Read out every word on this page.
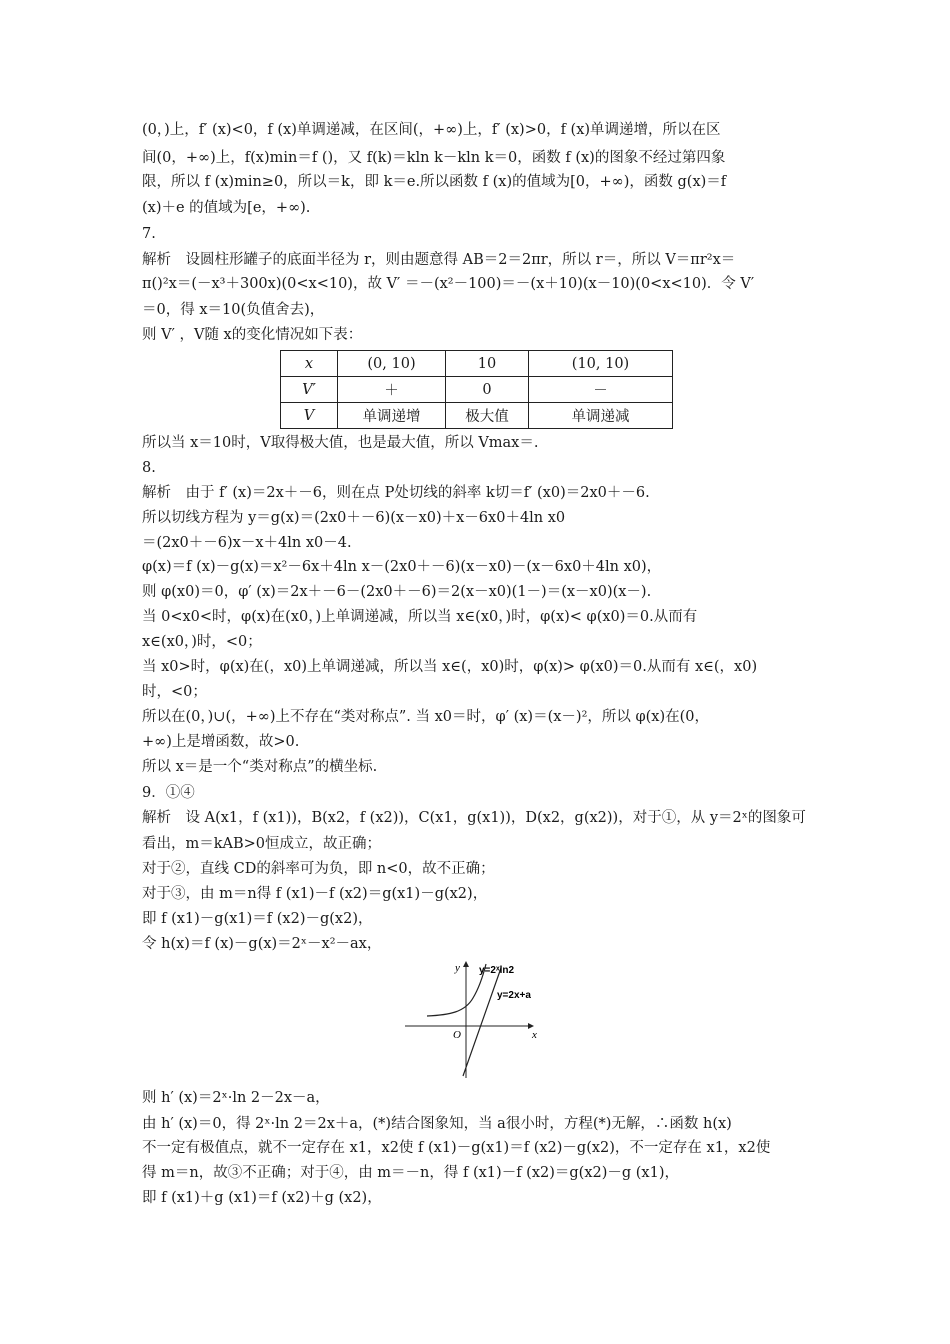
(0，)上，f′ (x)<0，f (x)单调递减，在区间(，+∞)上，f′ (x)>0，f (x)单调递增，所以在区
间(0，+∞)上，f(x)min＝f ()，又 f(k)＝kln k－kln k＝0，函数 f (x)的图象不经过第四象
限，所以 f (x)min≥0，所以＝k，即 k＝e.所以函数 f (x)的值域为[0，+∞)，函数 g(x)＝f
(x)＋e 的值域为[e，+∞).
7.
解析　设圆柱形罐子的底面半径为 r，则由题意得 AB＝2＝2πr，所以 r＝，所以 V＝πr²x＝
π()²x＝(－x³＋300x)(0<x<10)，故 V′ ＝－(x²－100)＝－(x＋10)(x－10)(0<x<10)．令 V′
＝0，得 x＝10(负值舍去)，
则 V′ ，V随 x的变化情况如下表：
x	(0, 10)	10	(10, 10)
V′	＋	0	－
V	单调递增	极大值	单调递减
所以当 x＝10时，V取得极大值，也是最大值，所以 Vmax＝.
8.
解析　由于 f′ (x)＝2x＋－6，则在点 P处切线的斜率 k切＝f′ (x0)＝2x0＋－6.
所以切线方程为 y＝g(x)＝(2x0＋－6)(x－x0)＋x－6x0＋4ln x0
＝(2x0＋－6)x－x＋4ln x0－4.
φ(x)＝f (x)－g(x)＝x²－6x＋4ln x－(2x0＋－6)(x－x0)－(x－6x0＋4ln x0)，
则 φ(x0)＝0，φ′ (x)＝2x＋－6－(2x0＋－6)＝2(x－x0)(1－)＝(x－x0)(x－).
当 0<x0<时，φ(x)在(x0，)上单调递减，所以当 x∈(x0，)时，φ(x)< φ(x0)＝0.从而有
x∈(x0，)时，<0；
当 x0>时，φ(x)在(，x0)上单调递减，所以当 x∈(，x0)时，φ(x)> φ(x0)＝0.从而有 x∈(，x0)
时，<0；
所以在(0，)∪(，+∞)上不存在“类对称点”. 当 x0＝时，φ′ (x)＝(x－)²，所以 φ(x)在(0，
+∞)上是增函数，故>0.
所以 x＝是一个“类对称点”的横坐标.
9．①④
解析　设 A(x1，f (x1))，B(x2，f (x2))，C(x1，g(x1))，D(x2，g(x2))，对于①，从 y＝2ˣ的图象可
看出，m＝kAB>0恒成立，故正确；
对于②，直线 CD的斜率可为负，即 n<0，故不正确；
对于③，由 m＝n得 f (x1)－f (x2)＝g(x1)－g(x2)，
即 f (x1)－g(x1)＝f (x2)－g(x2)，
令 h(x)＝f (x)－g(x)＝2ˣ－x²－ax，
y
x
O
y=2ˣln2
y=2x+a
则 h′ (x)＝2ˣ·ln 2－2x－a，
由 h′ (x)＝0，得 2ˣ·ln 2＝2x＋a，(*)结合图象知，当 a很小时，方程(*)无解，∴函数 h(x)
不一定有极值点，就不一定存在 x1，x2使 f (x1)－g(x1)＝f (x2)－g(x2)，不一定存在 x1，x2使
得 m＝n，故③不正确；对于④，由 m＝－n，得 f (x1)－f (x2)＝g(x2)－g (x1)，
即 f (x1)＋g (x1)＝f (x2)＋g (x2)，
